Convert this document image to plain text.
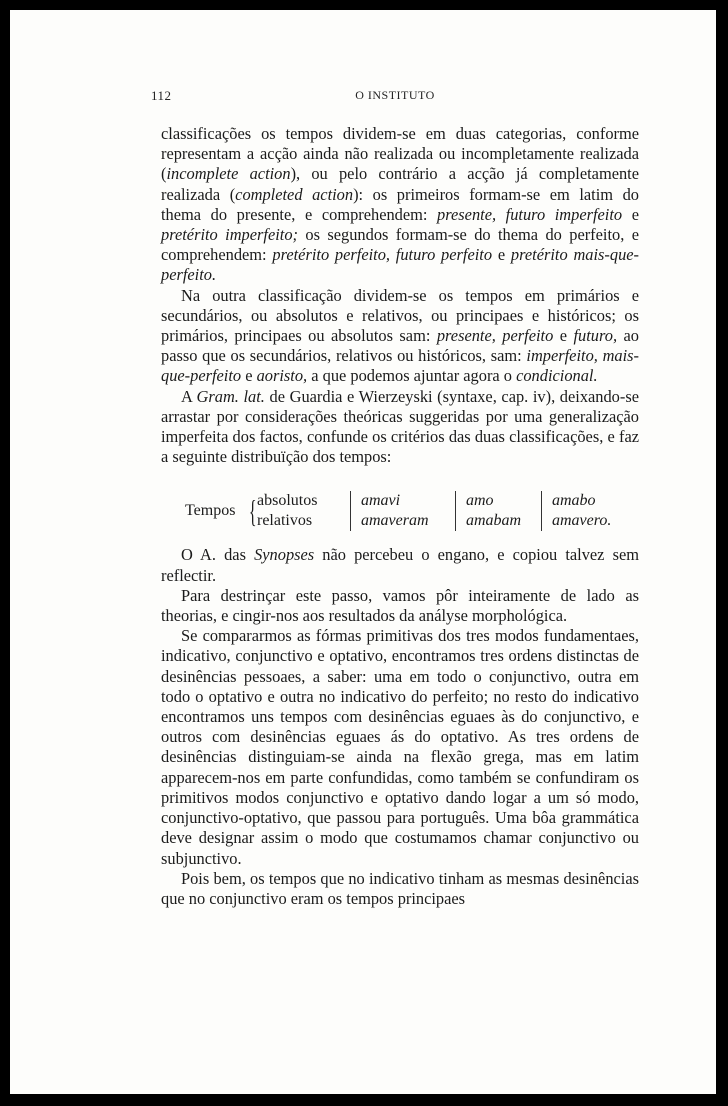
112	O INSTITUTO

classificações os tempos dividem-se em duas categorias, conforme representam a acção ainda não realizada ou incompletamente realizada (incomplete action), ou pelo contrário a acção já completamente realizada (completed action): os primeiros formam-se em latim do thema do presente, e comprehendem: presente, futuro imperfeito e pretérito imperfeito; os segundos formam-se do thema do perfeito, e comprehendem: pretérito perfeito, futuro perfeito e pretérito mais-que-perfeito.

Na outra classificação dividem-se os tempos em primários e secundários, ou absolutos e relativos, ou principaes e históricos; os primários, principaes ou absolutos sam: presente, perfeito e futuro, ao passo que os secundários, relativos ou históricos, sam: imperfeito, mais-que-perfeito e aoristo, a que podemos ajuntar agora o condicional.

A Gram. lat. de Guardia e Wierzeyski (syntaxe, cap. iv), deixando-se arrastar por considerações theóricas suggeridas por uma generalização imperfeita dos factos, confunde os critérios das duas classificações, e faz a seguinte distribuïção dos tempos:

Tempos { absolutos
relativos
amavi
amaveram
amo
amabam
amabo
amavero.

O A. das Synopses não percebeu o engano, e copiou talvez sem reflectir.

Para destrinçar este passo, vamos pôr inteiramente de lado as theorias, e cingir-nos aos resultados da anályse morphológica.

Se compararmos as fórmas primitivas dos tres modos fundamentaes, indicativo, conjunctivo e optativo, encontramos tres ordens distinctas de desinências pessoaes, a saber: uma em todo o conjunctivo, outra em todo o optativo e outra no indicativo do perfeito; no resto do indicativo encontramos uns tempos com desinências eguaes às do conjunctivo, e outros com desinências eguaes ás do optativo. As tres ordens de desinências distinguiam-se ainda na flexão grega, mas em latim apparecem-nos em parte confundidas, como também se confundiram os primitivos modos conjunctivo e optativo dando logar a um só modo, conjunctivo-optativo, que passou para português. Uma bôa grammática deve designar assim o modo que costumamos chamar conjunctivo ou subjunctivo.

Pois bem, os tempos que no indicativo tinham as mesmas desinências que no conjunctivo eram os tempos principaes
